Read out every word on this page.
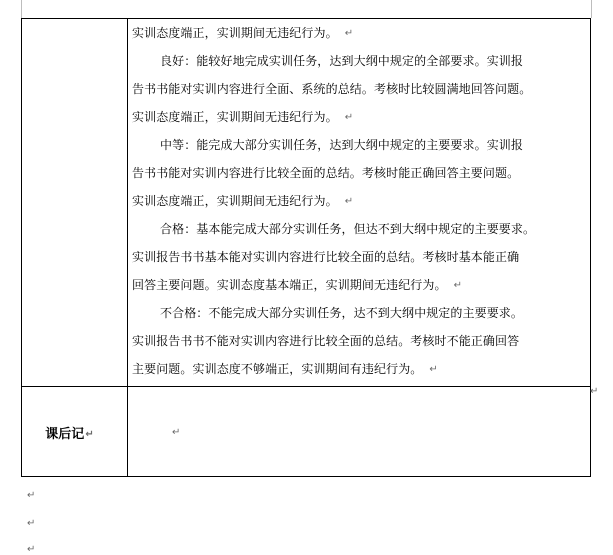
实训态度端正，实训期间无违纪行为。 ↵
良好：能较好地完成实训任务，达到大纲中规定的全部要求。实训报
告书书能对实训内容进行全面、系统的总结。考核时比较圆满地回答问题。
实训态度端正，实训期间无违纪行为。 ↵
中等：能完成大部分实训任务，达到大纲中规定的主要要求。实训报
告书书能对实训内容进行比较全面的总结。考核时能正确回答主要问题。
实训态度端正，实训期间无违纪行为。 ↵
合格：基本能完成大部分实训任务，但达不到大纲中规定的主要要求。
实训报告书书基本能对实训内容进行比较全面的总结。考核时基本能正确
回答主要问题。实训态度基本端正，实训期间无违纪行为。 ↵
不合格：不能完成大部分实训任务，达不到大纲中规定的主要要求。
实训报告书书不能对实训内容进行比较全面的总结。考核时不能正确回答
主要问题。实训态度不够端正，实训期间有违纪行为。 ↵
课后记↵	↵
↵
↵
↵
↵
